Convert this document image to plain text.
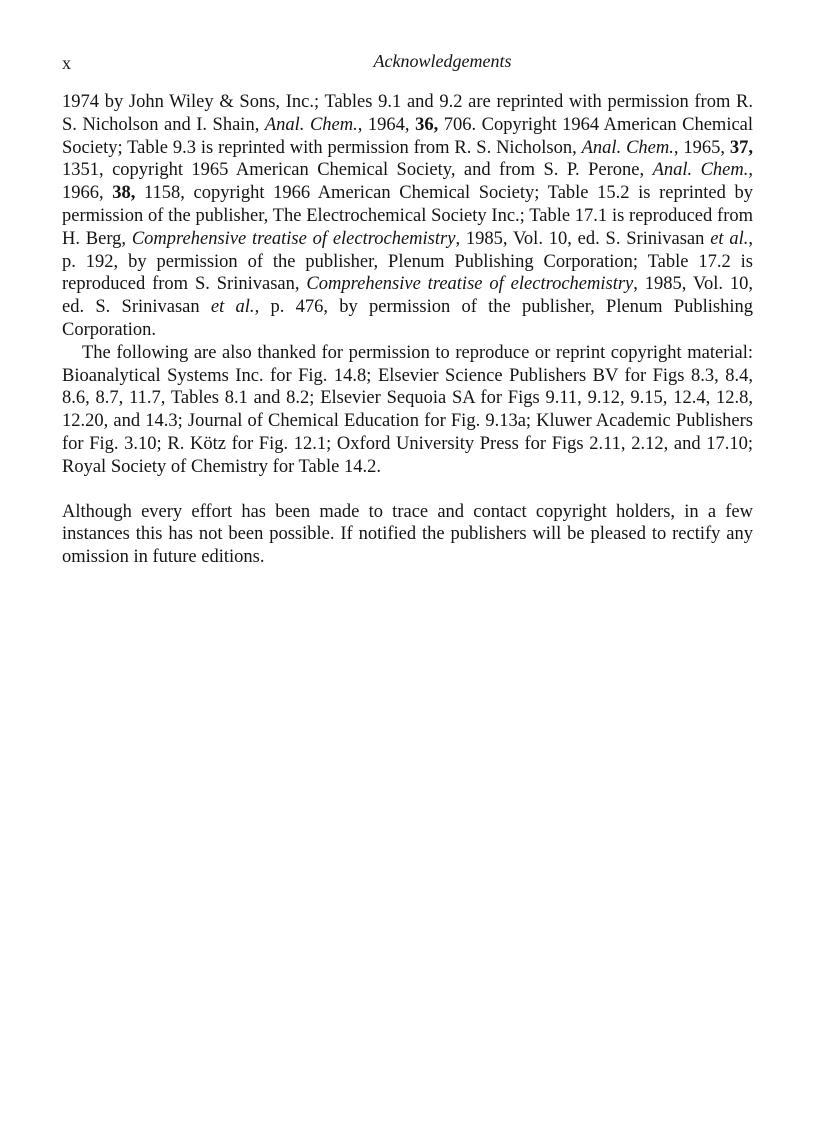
x	Acknowledgements

1974 by John Wiley & Sons, Inc.; Tables 9.1 and 9.2 are reprinted with permission from R. S. Nicholson and I. Shain, Anal. Chem., 1964, 36, 706. Copyright 1964 American Chemical Society; Table 9.3 is reprinted with permission from R. S. Nicholson, Anal. Chem., 1965, 37, 1351, copyright 1965 American Chemical Society, and from S. P. Perone, Anal. Chem., 1966, 38, 1158, copyright 1966 American Chemical Society; Table 15.2 is reprinted by permission of the publisher, The Electrochemical Society Inc.; Table 17.1 is reproduced from H. Berg, Comprehensive treatise of electrochemistry, 1985, Vol. 10, ed. S. Srinivasan et al., p. 192, by permission of the publisher, Plenum Publishing Corporation; Table 17.2 is reproduced from S. Srinivasan, Comprehensive treatise of electrochemistry, 1985, Vol. 10, ed. S. Srinivasan et al., p. 476, by permission of the publisher, Plenum Publishing Corporation.

The following are also thanked for permission to reproduce or reprint copyright material: Bioanalytical Systems Inc. for Fig. 14.8; Elsevier Science Publishers BV for Figs 8.3, 8.4, 8.6, 8.7, 11.7, Tables 8.1 and 8.2; Elsevier Sequoia SA for Figs 9.11, 9.12, 9.15, 12.4, 12.8, 12.20, and 14.3; Journal of Chemical Education for Fig. 9.13a; Kluwer Academic Publishers for Fig. 3.10; R. Kötz for Fig. 12.1; Oxford University Press for Figs 2.11, 2.12, and 17.10; Royal Society of Chemistry for Table 14.2.

Although every effort has been made to trace and contact copyright holders, in a few instances this has not been possible. If notified the publishers will be pleased to rectify any omission in future editions.
